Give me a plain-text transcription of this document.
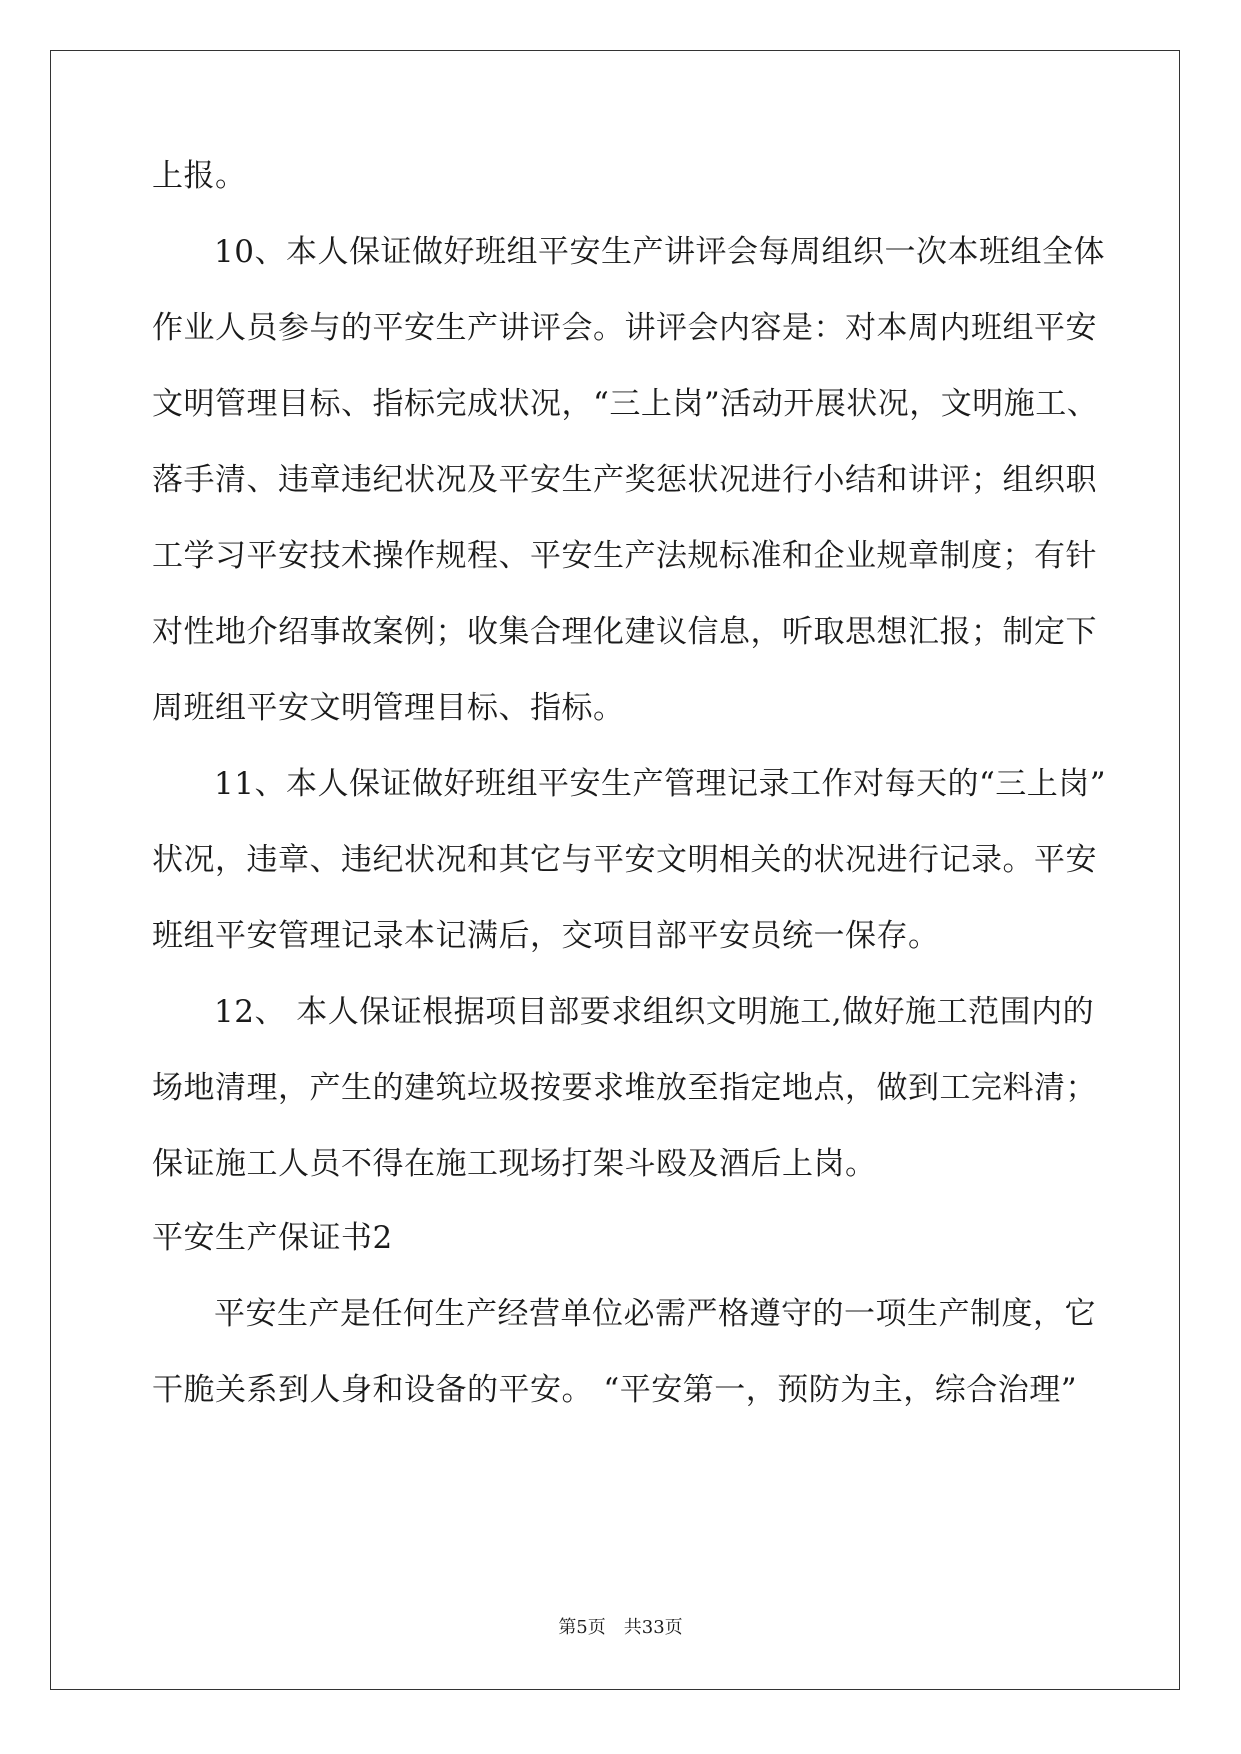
上报。
10、本人保证做好班组平安生产讲评会每周组织一次本班组全体
作业人员参与的平安生产讲评会。讲评会内容是：对本周内班组平安
文明管理目标、指标完成状况，“三上岗”活动开展状况，文明施工、
落手清、违章违纪状况及平安生产奖惩状况进行小结和讲评；组织职
工学习平安技术操作规程、平安生产法规标准和企业规章制度；有针
对性地介绍事故案例；收集合理化建议信息，听取思想汇报；制定下
周班组平安文明管理目标、指标。
11、本人保证做好班组平安生产管理记录工作对每天的“三上岗”
状况，违章、违纪状况和其它与平安文明相关的状况进行记录。平安
班组平安管理记录本记满后，交项目部平安员统一保存。
12、 本人保证根据项目部要求组织文明施工,做好施工范围内的
场地清理，产生的建筑垃圾按要求堆放至指定地点，做到工完料清；
保证施工人员不得在施工现场打架斗殴及酒后上岗。
平安生产保证书2
平安生产是任何生产经营单位必需严格遵守的一项生产制度，它
干脆关系到人身和设备的平安。 “平安第一，预防为主，综合治理”
第5页　共33页
